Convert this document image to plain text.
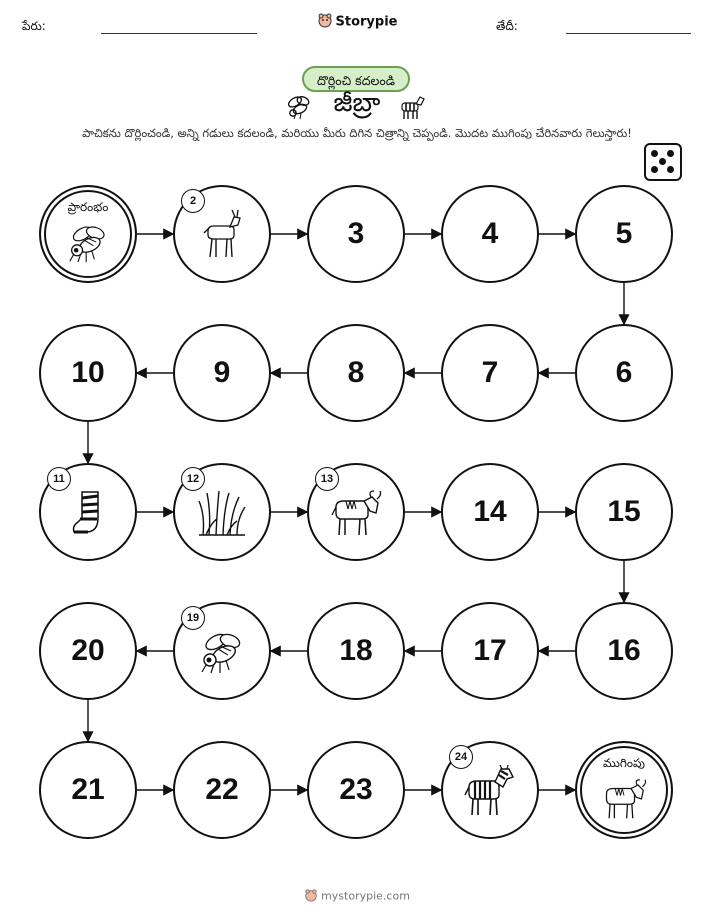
పేరు:	Storypie	తేదీ:
దొర్లించి కదలండి
జీబ్రా
పాచికను దొర్లించండి, అన్ని గడులు కదలండి, మరియు మీరు దిగిన చిత్రాన్ని చెప్పండి. మొదట ముగింపు చేరినవారు గెలుస్తారు!
ప్రారంభం	2
3	4	5
6
7
8
9
10
11	12	13
14	15
16
17
18
19
20
21	22	23
24	ముగింపు
mystorypie.com
